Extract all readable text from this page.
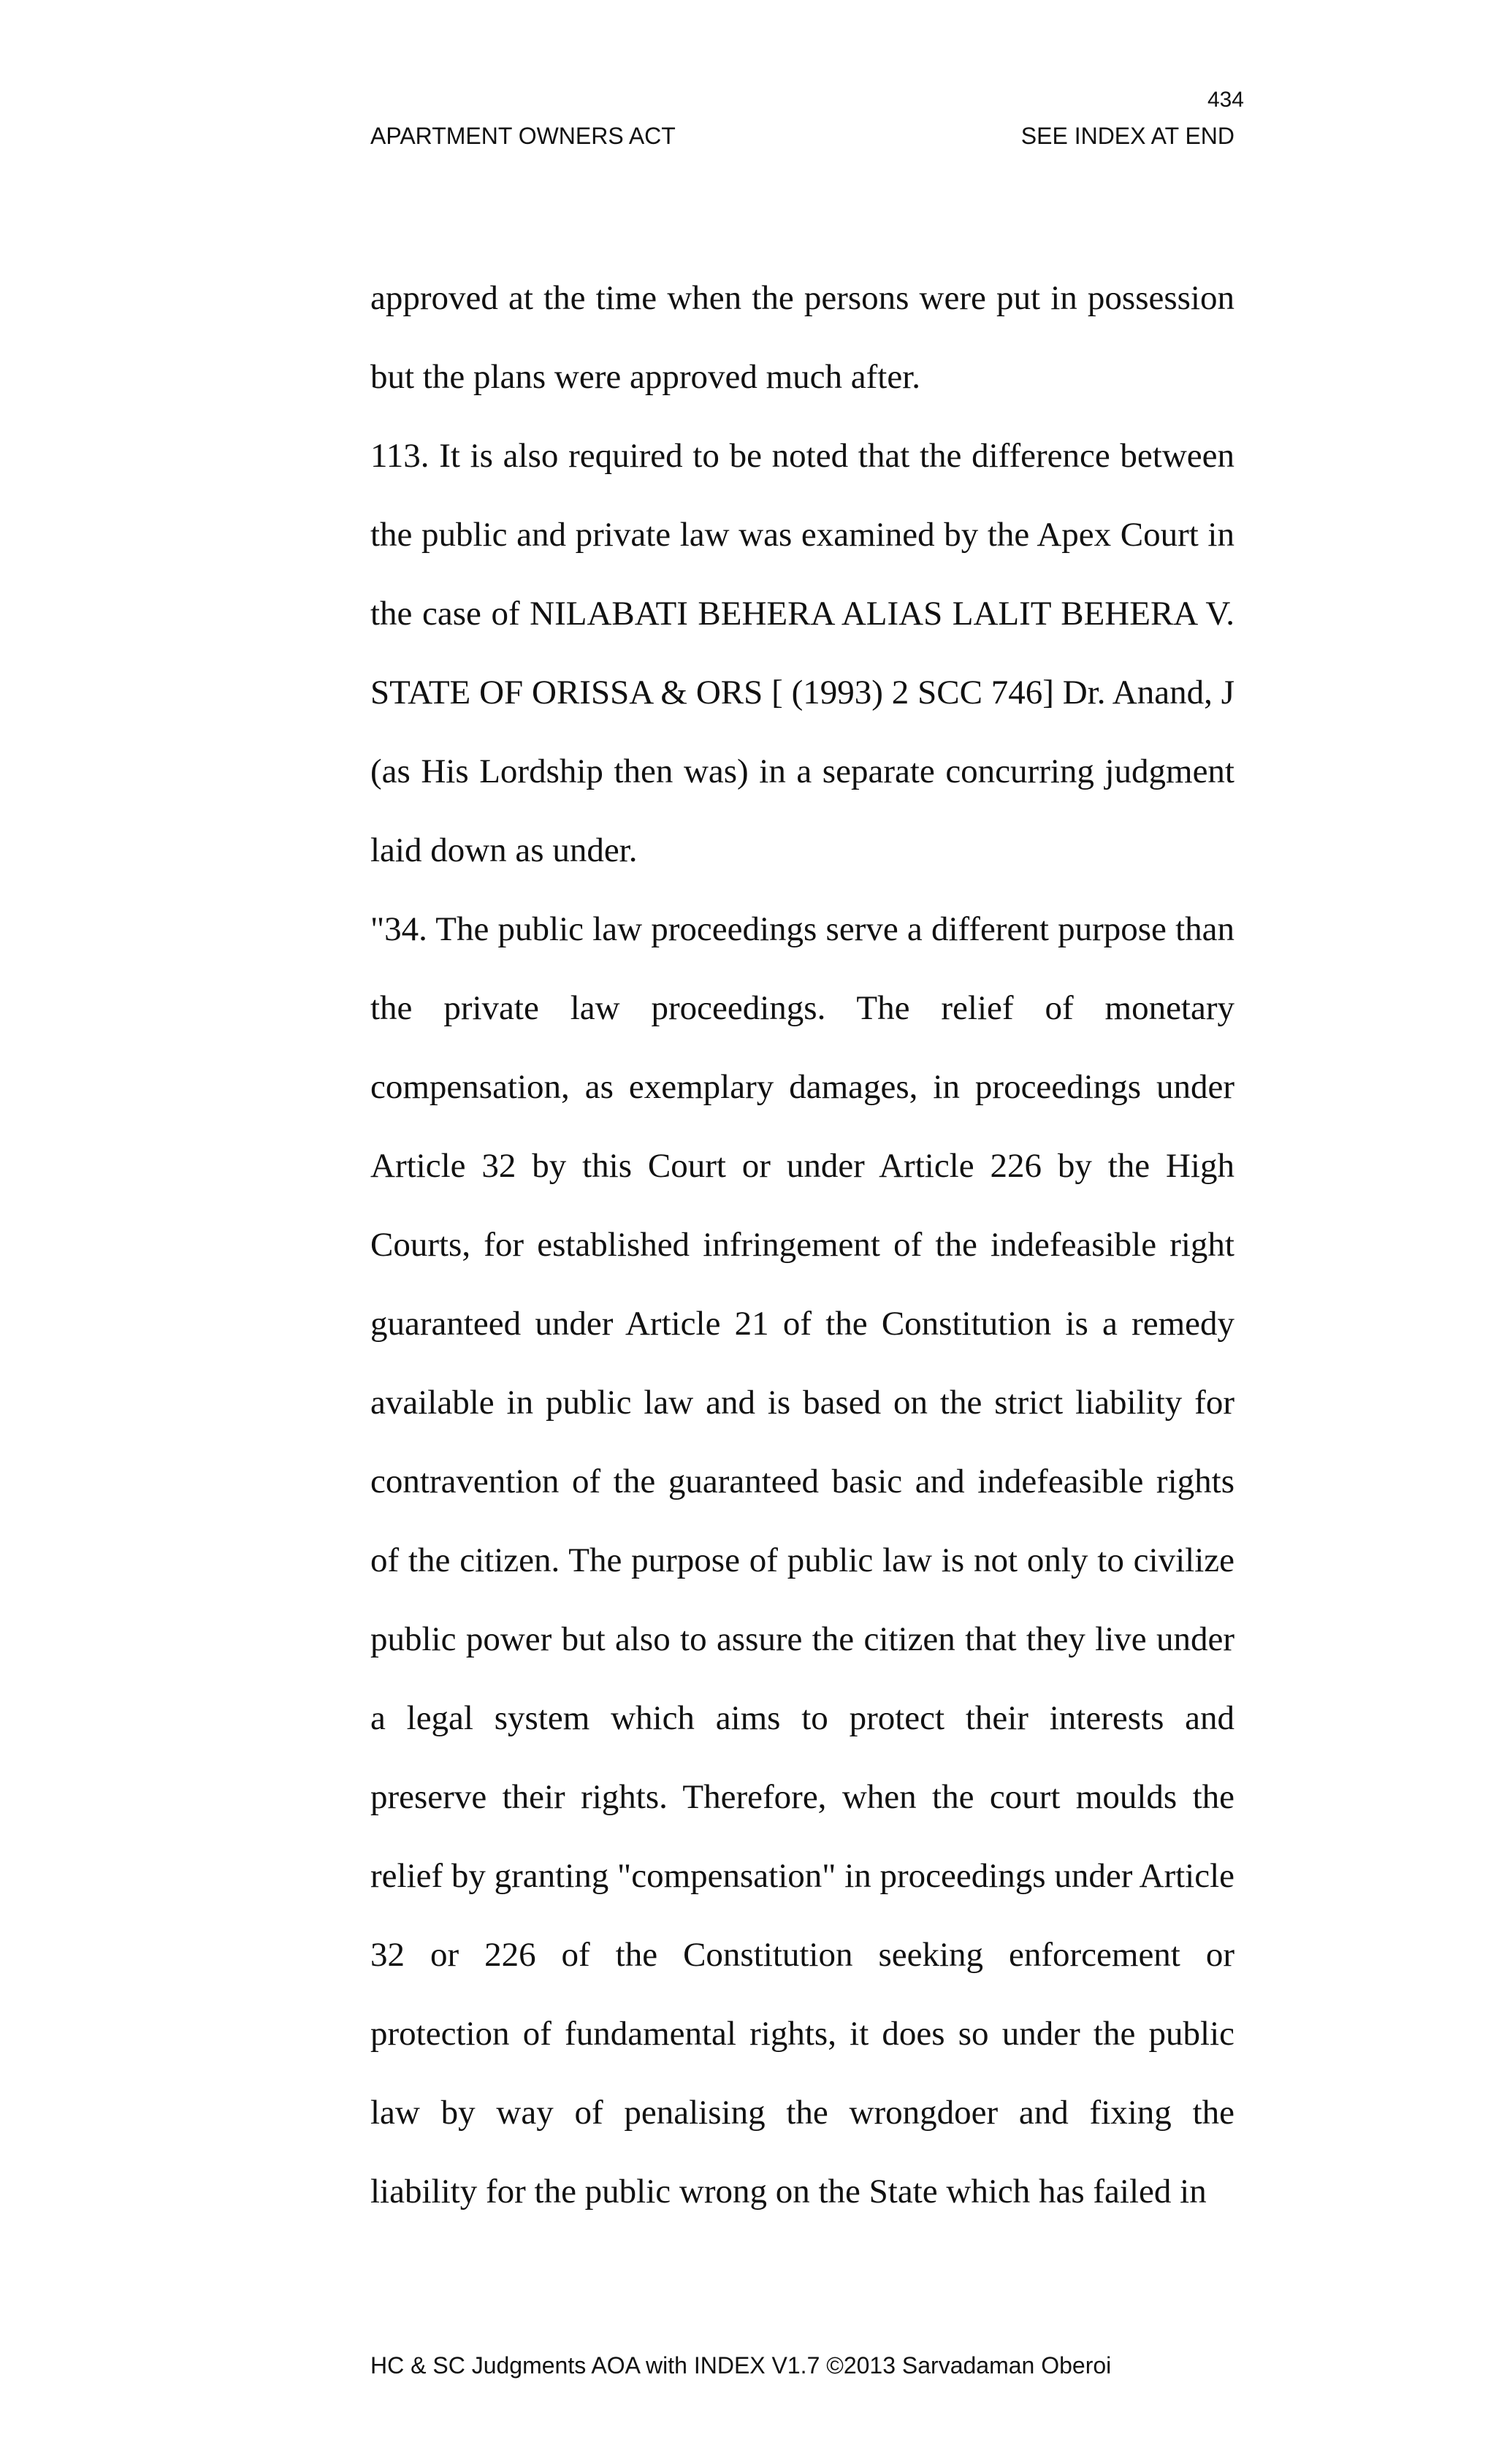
434
APARTMENT OWNERS ACT	SEE INDEX AT END

approved at the time when the persons were put in possession but the plans were approved much after.

113. It is also required to be noted that the difference between the public and private law was examined by the Apex Court in the case of NILABATI BEHERA ALIAS LALIT BEHERA V. STATE OF ORISSA & ORS [ (1993) 2 SCC 746] Dr. Anand, J (as His Lordship then was) in a separate concurring judgment laid down as under.

"34. The public law proceedings serve a different purpose than the private law proceedings. The relief of monetary compensation, as exemplary damages, in proceedings under Article 32 by this Court or under Article 226 by the High Courts, for established infringement of the indefeasible right guaranteed under Article 21 of the Constitution is a remedy available in public law and is based on the strict liability for contravention of the guaranteed basic and indefeasible rights of the citizen. The purpose of public law is not only to civilize public power but also to assure the citizen that they live under a legal system which aims to protect their interests and preserve their rights. Therefore, when the court moulds the relief by granting "compensation" in proceedings under Article 32 or 226 of the Constitution seeking enforcement or protection of fundamental rights, it does so under the public law by way of penalising the wrongdoer and fixing the liability for the public wrong on the State which has failed in

HC & SC Judgments AOA with INDEX V1.7 ©2013 Sarvadaman Oberoi
